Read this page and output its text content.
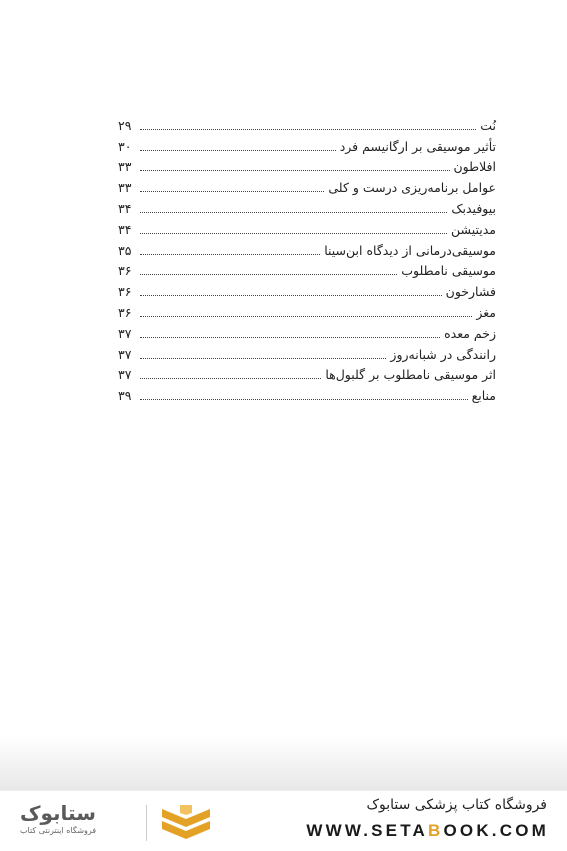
نُت
۲۹
تأثیر موسیقی بر ارگانیسم فرد
۳۰
افلاطون
۳۳
عوامل برنامه‌ریزی درست و کلی
۳۳
بیوفیدبک
۳۴
مدیتیشن
۳۴
موسیقی‌درمانی از دیدگاه ابن‌سینا
۳۵
موسیقی نامطلوب
۳۶
فشارخون
۳۶
مغز
۳۶
زخم معده
۳۷
رانندگی در شبانه‌روز
۳۷
اثر موسیقی نامطلوب بر گلبول‌ها
۳۷
منابع
۳۹
ستابوک
فروشگاه اینترنتی کتاب
فروشگاه کتاب پزشکی ستابوک
WWW.SETABOOK.COM
